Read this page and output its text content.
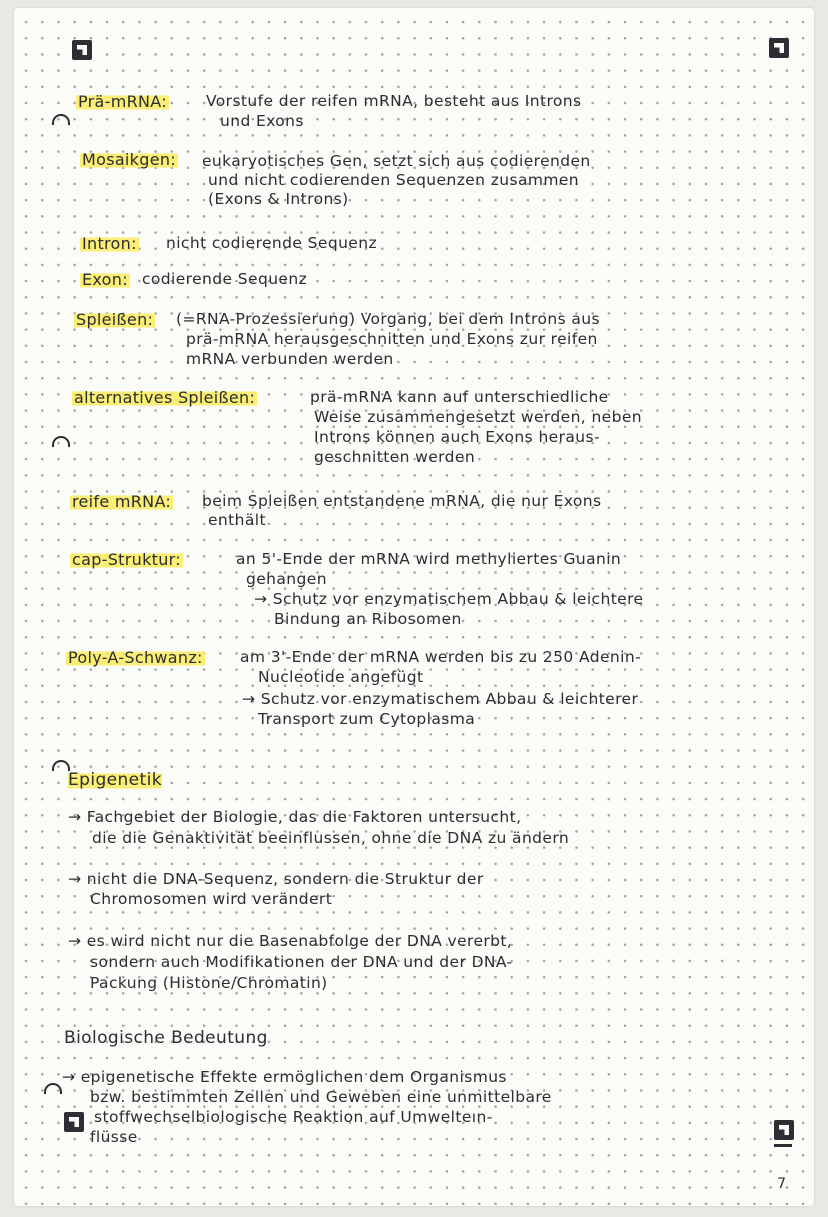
Prä-mRNA:	Vorstufe der reifen mRNA, besteht aus Introns
und Exons
Mosaikgen: eukaryotisches Gen, setzt sich aus codierenden
und nicht codierenden Sequenzen zusammen
(Exons & Introns)
Intron: nicht codierende Sequenz
Exon: codierende Sequenz
Spleißen: (=RNA-Prozessierung) Vorgang, bei dem Introns aus
prä-mRNA herausgeschnitten und Exons zur reifen
mRNA verbunden werden
alternatives Spleißen:	prä-mRNA kann auf unterschiedliche
Weise zusammengesetzt werden, neben
Introns können auch Exons heraus-
geschnitten werden
reife mRNA: beim Spleißen entstandene mRNA, die nur Exons
enthält
cap-Struktur:	an 5'-Ende der mRNA wird methyliertes Guanin
gehangen
→ Schutz vor enzymatischem Abbau & leichtere
Bindung an Ribosomen
Poly-A-Schwanz: am 3'-Ende der mRNA werden bis zu 250 Adenin-
Nucleotide angefügt
→ Schutz vor enzymatischem Abbau & leichterer
Transport zum Cytoplasma
Epigenetik
→ Fachgebiet der Biologie, das die Faktoren untersucht,
die die Genaktivität beeinflussen, ohne die DNA zu ändern
→ nicht die DNA-Sequenz, sondern die Struktur der
Chromosomen wird verändert
→ es wird nicht nur die Basenabfolge der DNA vererbt,
sondern auch Modifikationen der DNA und der DNA-
Packung (Histone/Chromatin)
Biologische Bedeutung
→ epigenetische Effekte ermöglichen dem Organismus
bzw. bestimmten Zellen und Geweben eine unmittelbare
stoffwechselbiologische Reaktion auf Umwelteın-
flüsse
7
